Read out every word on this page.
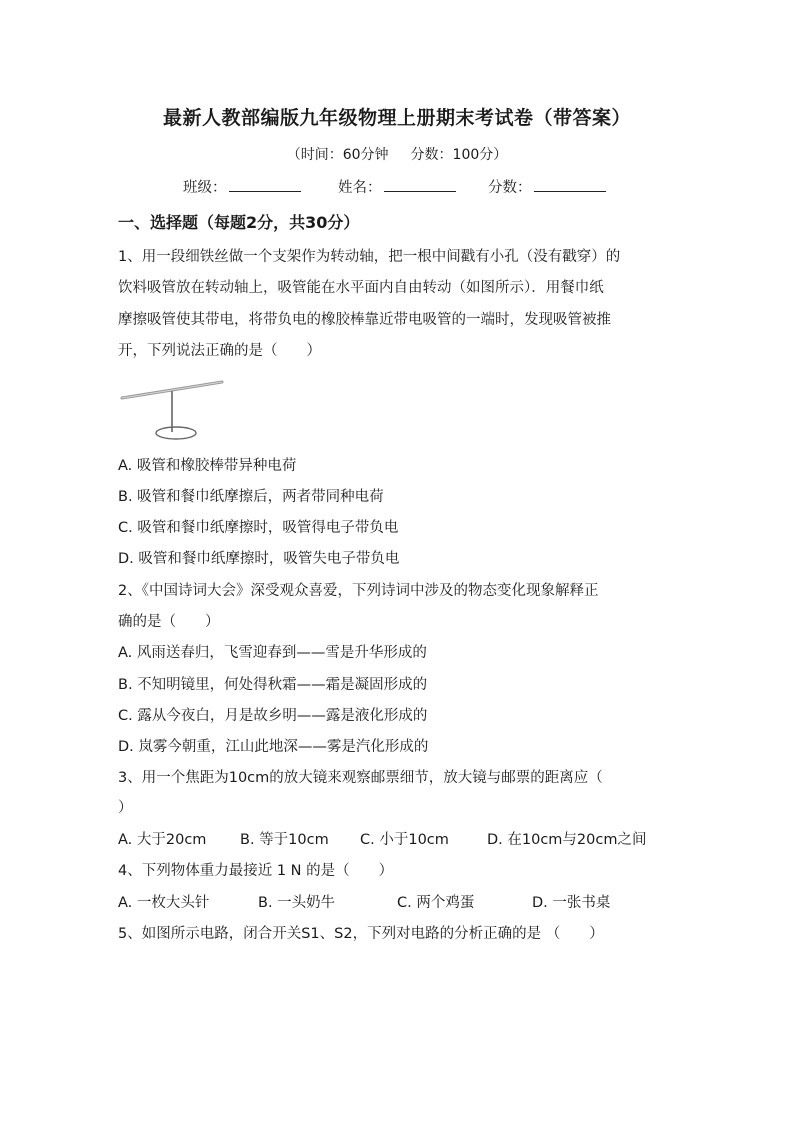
最新人教部编版九年级物理上册期末考试卷（带答案）
（时间：60分钟 分数：100分）
班级：	姓名：	分数：
一、选择题（每题2分，共30分）
1、用一段细铁丝做一个支架作为转动轴，把一根中间戳有小孔（没有戳穿）的
饮料吸管放在转动轴上，吸管能在水平面内自由转动（如图所示）．用餐巾纸
摩擦吸管使其带电，将带负电的橡胶棒靠近带电吸管的一端时，发现吸管被推
开，下列说法正确的是（　　）
A. 吸管和橡胶棒带异种电荷
B. 吸管和餐巾纸摩擦后，两者带同种电荷
C. 吸管和餐巾纸摩擦时，吸管得电子带负电
D. 吸管和餐巾纸摩擦时，吸管失电子带负电
2、《中国诗词大会》深受观众喜爱，下列诗词中涉及的物态变化现象解释正
确的是（　　）
A. 风雨送春归，飞雪迎春到——雪是升华形成的
B. 不知明镜里，何处得秋霜——霜是凝固形成的
C. 露从今夜白，月是故乡明——露是液化形成的
D. 岚雾今朝重，江山此地深——雾是汽化形成的
3、用一个焦距为10cm的放大镜来观察邮票细节，放大镜与邮票的距离应（
）
A. 大于20cm B. 等于10cm C. 小于10cm	D. 在10cm与20cm之间
4、下列物体重力最接近 1 N 的是（　　）
A. 一枚大头针	B. 一头奶牛	C. 两个鸡蛋	D. 一张书桌
5、如图所示电路，闭合开关S1、S2，下列对电路的分析正确的是 （　　）
